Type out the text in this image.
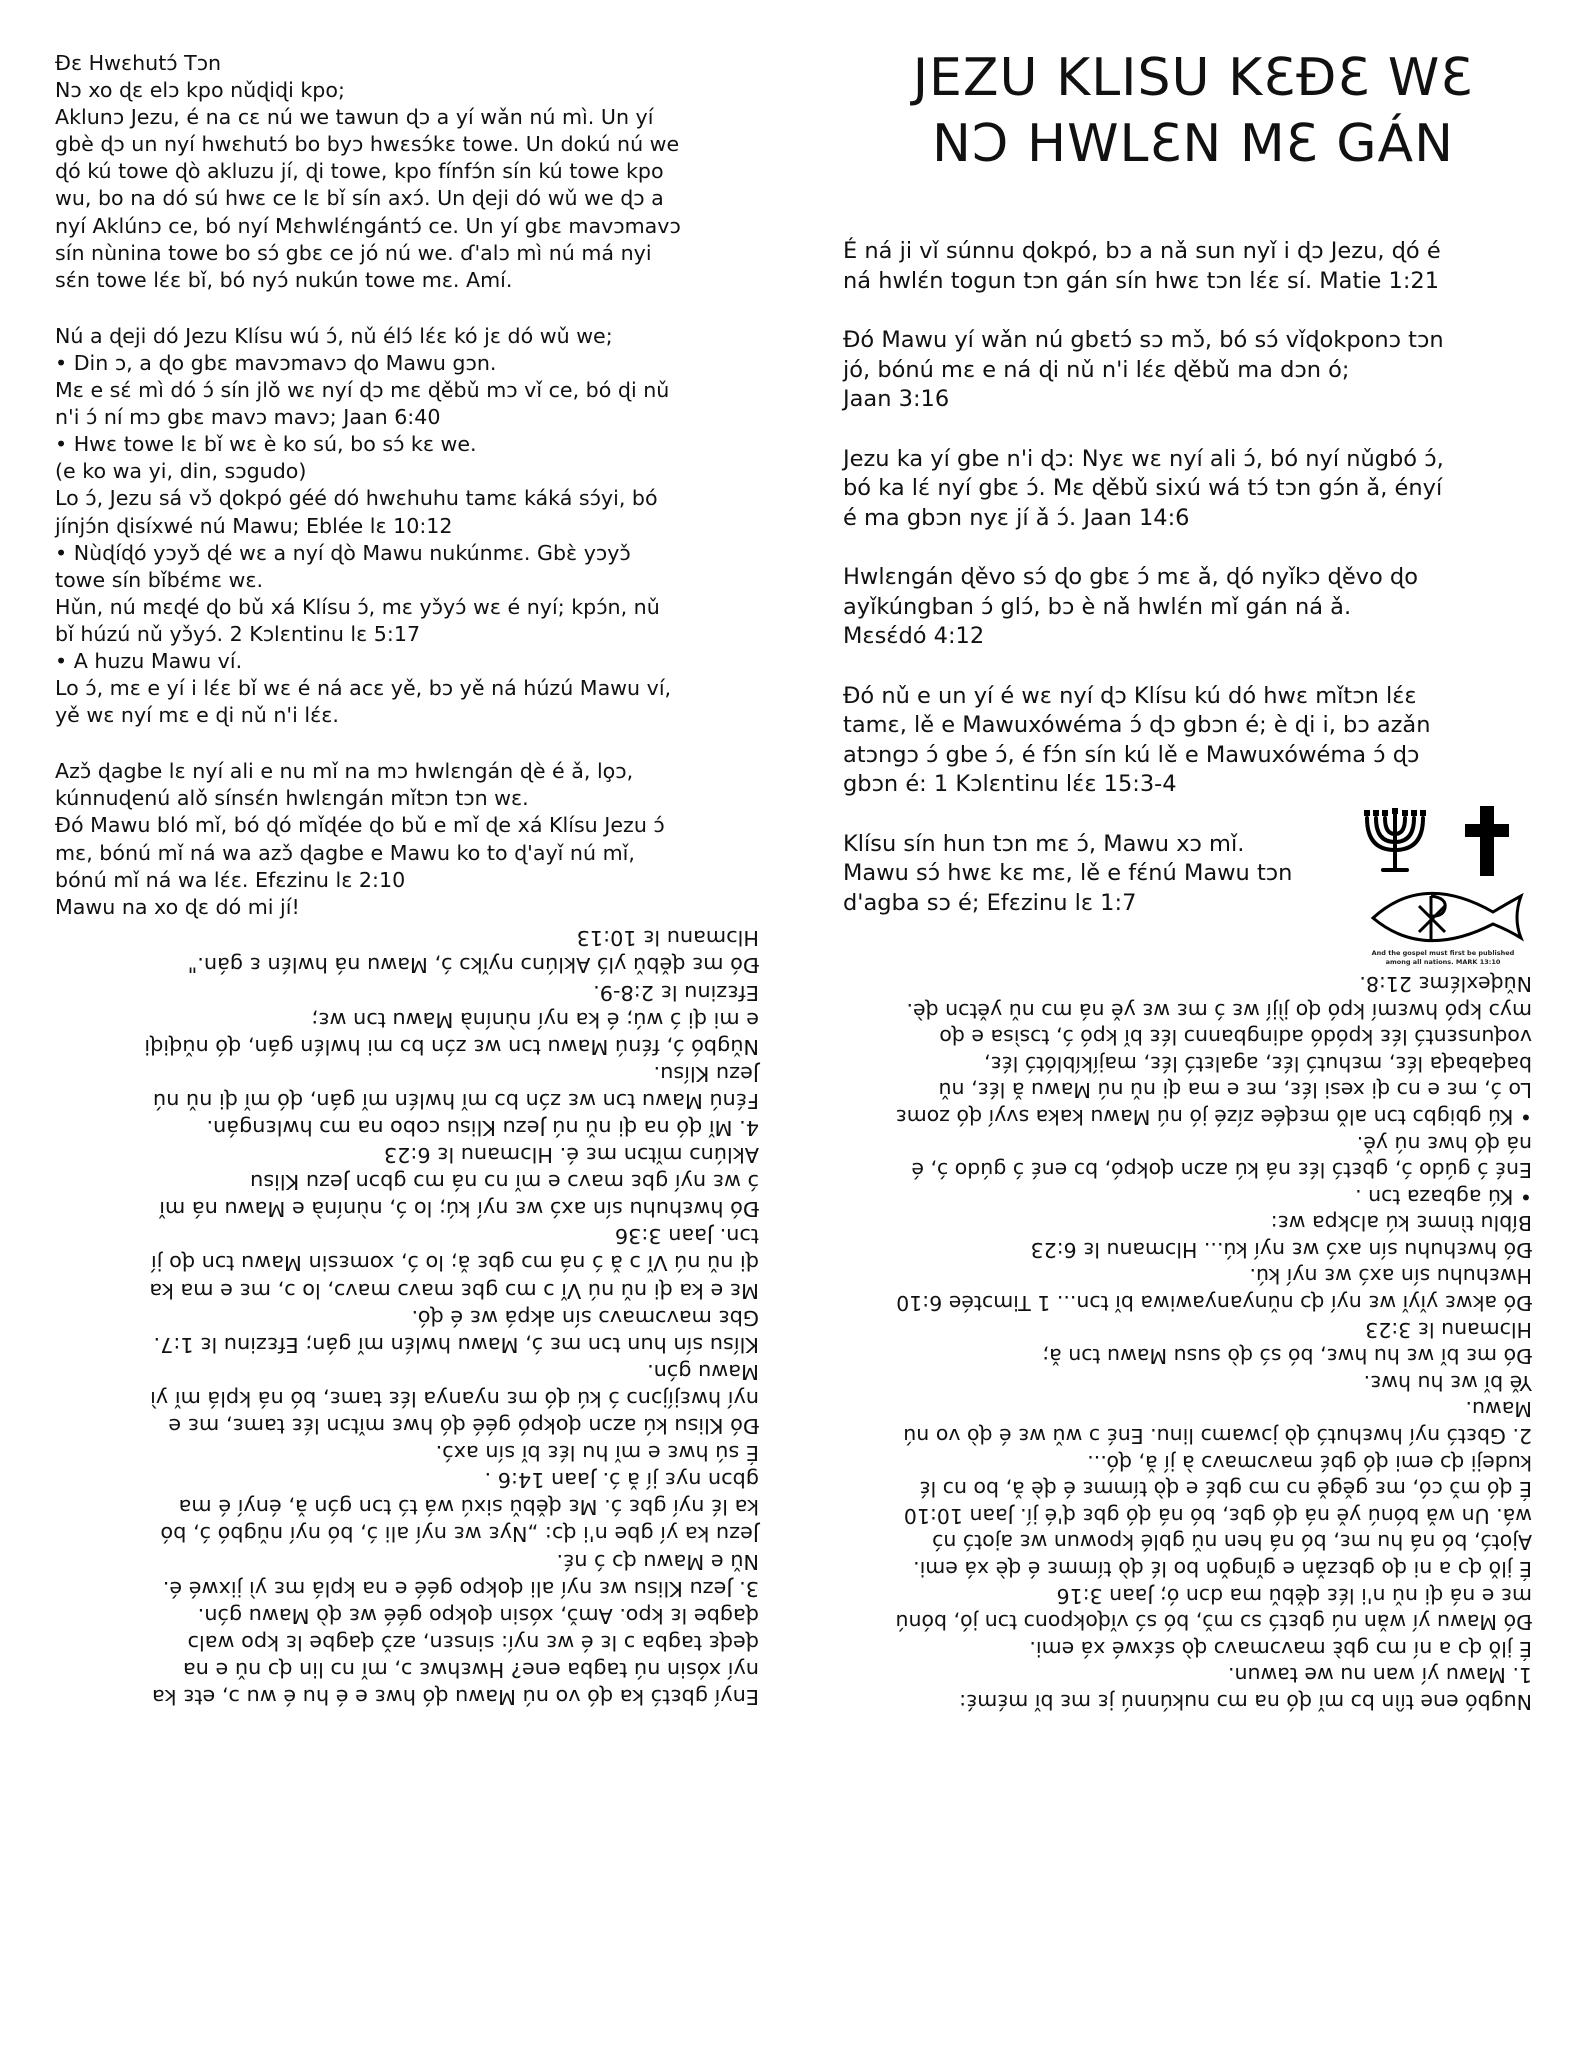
Ɖɛ Hwɛhutɔ́ Tɔn
Nɔ xo ɖɛ elɔ kpo nǔɖiɖi kpo;
Aklunɔ Jezu, é na cɛ nú we tawun ɖɔ a yí wǎn nú mì. Un yí
gbè ɖɔ un nyí hwɛhutɔ́ bo byɔ hwɛsɔ́kɛ towe. Un dokú nú we
ɖó kú towe ɖò akluzu jí, ɖi towe, kpo fínfɔ́n sín kú towe kpo
wu, bo na dó sú hwɛ ce lɛ bǐ sín axɔ́. Un ɖeji dó wǔ we ɖɔ a
nyí Aklúnɔ ce, bó nyí Mɛhwlɛ́ngántɔ́ ce. Un yí gbɛ mavɔmavɔ
sín nùnina towe bo sɔ́ gbɛ ce jó nú we. ɗ'alɔ mì nú má nyi
sɛ́n towe lɛ́ɛ bǐ, bó nyɔ́ nukún towe mɛ. Amí.
Nú a ɖeji dó Jezu Klísu wú ɔ́, nǔ élɔ́ lɛ́ɛ kó jɛ dó wǔ we;
• Din ɔ, a ɖo gbɛ mavɔmavɔ ɖo Mawu gɔn.
Mɛ e sɛ́ mì dó ɔ́ sín jlǒ wɛ nyí ɖɔ mɛ ɖěbǔ mɔ vǐ ce, bó ɖi nǔ
n'i ɔ́ ní mɔ gbɛ mavɔ mavɔ; Jaan 6:40
• Hwɛ towe lɛ bǐ wɛ è ko sú, bo sɔ́ kɛ we.
(e ko wa yi, din, sɔgudo)
Lo ɔ́, Jezu sá vɔ̌ ɖokpó géé dó hwɛhuhu tamɛ káká sɔ́yi, bó
jínjɔ́n ɖisíxwé nú Mawu; Eblée lɛ 10:12
• Nùɖíɖó yɔyɔ̌ ɖé wɛ a nyí ɖò Mawu nukúnmɛ. Gbɛ̀ yɔyɔ̌
towe sín bǐbɛ́mɛ wɛ.
Hǔn, nú mɛɖé ɖo bǔ xá Klísu ɔ́, mɛ yɔ̌yɔ́ wɛ é nyí; kpɔ́n, nǔ
bǐ húzú nǔ yɔ̌yɔ́. 2 Kɔlɛntinu lɛ 5:17
• A huzu Mawu ví.
Lo ɔ́, mɛ e yí i lɛ́ɛ bǐ wɛ é ná acɛ yě, bɔ yě ná húzú Mawu ví,
yě wɛ nyí mɛ e ɖi nǔ n'i lɛ́ɛ.
Azɔ̌ ɖagbe lɛ nyí ali e nu mǐ na mɔ hwlɛngán ɖè é ǎ, lo̧ɔ,
kúnnuɖenú alǒ sínsɛ́n hwlɛngán mǐtɔn tɔn wɛ.
Ðó Mawu bló mǐ, bó ɖó mǐɖée ɖo bǔ e mǐ ɖe xá Klísu Jezu ɔ́
mɛ, bónú mǐ ná wa azɔ̌ ɖagbe e Mawu ko to ɖ'ayǐ nú mǐ,
bónú mǐ ná wa lɛ́ɛ. Efɛzinu lɛ 2:10
Mawu na xo ɖɛ dó mi jí!
JEZU KLISU KƐĐƐ WƐ
NƆ HWLƐN MƐ GÁN
É ná ji vǐ súnnu ɖokpó, bɔ a nǎ sun nyǐ i ɖɔ Jezu, ɖó é
ná hwlɛ́n togun tɔn gán sín hwɛ tɔn lɛ́ɛ sí. Matie 1:21
Ðó Mawu yí wǎn nú gbɛtɔ́ sɔ mɔ̌, bó sɔ́ vǐɖokponɔ tɔn
jó, bónú mɛ e ná ɖi nǔ n'i lɛ́ɛ ɖěbǔ ma dɔn ó;
Jaan 3:16
Jezu ka yí gbe n'i ɖɔ: Nyɛ wɛ nyí ali ɔ́, bó nyí nǔgbó ɔ́,
bó ka lɛ́ nyí gbɛ ɔ́. Mɛ ɖěbǔ sixú wá tɔ́ tɔn gɔ́n ǎ, ényí
é ma gbɔn nyɛ jí ǎ ɔ́. Jaan 14:6
Hwlɛngán ɖěvo sɔ́ ɖo gbɛ ɔ́ mɛ ǎ, ɖó nyǐkɔ ɖěvo ɖo
ayǐkúngban ɔ́ glɔ́, bɔ è nǎ hwlɛ́n mǐ gán ná ǎ.
Mɛsɛ́dó 4:12
Ðó nǔ e un yí é wɛ nyí ɖɔ Klísu kú dó hwɛ mǐtɔn lɛ́ɛ
tamɛ, lě e Mawuxówéma ɔ́ ɖɔ gbɔn é; è ɖi i, bɔ azǎn
atɔngɔ ɔ́ gbe ɔ́, é fɔ́n sín kú lě e Mawuxówéma ɔ́ ɖɔ
gbɔn é: 1 Kɔlɛntinu lɛ́ɛ 15:3-4
Klísu sín hun tɔn mɛ ɔ́, Mawu xɔ mǐ.
Mawu sɔ́ hwɛ kɛ mɛ, lě e fɛ́nú Mawu tɔn
d'agba sɔ é; Efɛzinu lɛ 1:7
And the gospel must first be published
among all nations. MARK 13:10
Nugbó ene tíìn bɔ mǐ ɖó na mɔ nukúnnú jɛ mɛ bǐ mɛ́mɛ́:
1. Mawu yí wan nu we tawun.
É jlǒ ɖɔ a ní mɔ gbɛ̀ mavɔmavɔ ɖò sɛ́xwé xá emi.
Ðó Mawu yí wǎn nú gbɛtɔ́ sɔ mɔ̌, bó sɔ́ vǐɖokponɔ tɔn jó, bónú
mɛ e ná ɖi nǔ n'i lɛ́ɛ ɖěbǔ ma dɔn ó; Jaan 3:16
É jlǒ ɖɔ a ni ɖo gbɛzǎn e gǐngǒn bo lɛ́ ɖò tímmɛ é ɖè xá emi.
Ajotɔ́, bó ná hu mɛ, bó ná hen nǔ gblé kpowun wɛ ajotɔ́ nɔ́
wá. Un wǎ bónú yě ná ɖó gbɛ, bó ná ɖó gbɛ ɖ'é jí. Jaan 10:10
É ɖó mɔ̌ có, mɛ gěgě nɔ mɔ gbɛ́ e ɖò tímmɛ é ɖè ǎ, bo nɔ lɛ́
kudeji ɖɔ emi ɖó gbɛ́ mavɔmavɔ à jí ǎ, ɖó...
2. Gbɛtɔ́ nyí hwɛhutɔ́ ɖò jɔwamɔ linu. Enɛ́ ɔ wǔ wɛ é ɖò vo nú
Mawu.
Yě bǐ wɛ hu hwɛ.
Ðó mɛ bǐ wɛ hu hwɛ, bó sɔ́ ɖò susu Mawu tɔn ǎ;
Hlɔmanu lɛ 3:23
Ðó akwɛ yǐyǐ wɛ nyí ɖɔ nǔnyanyawiwa bǐ tɔn... 1 Timɔtée 6:10
Hwɛhuhu sín axɔ́ wɛ nyí kú.
Ðó hwɛhuhu sín axɔ́ wɛ nyí kú... Hlɔmanu lɛ 6:23
Bíblu tìnmɛ kú alɔkpa wɛ:
• Kú agbaza tɔn .
Enɛ́ ɔ́ gúdo ɔ́, gbɛtɔ́ lɛ́ɛ ná kú azɔn ɖokpó, bɔ enɛ́ ɔ́ gúdo ɔ́, é
ná ɖó hwɛ nú yě.
• Kú gbigbɔ tɔn alǒ mɛɖée zízé jó nú Mawu kaka svyí ɖó zomɛ
Lo ɔ́, mɛ e nɔ ɖi xesi lɛ́ɛ, mɛ e ma ɖi nǔ nú Mawu ǎ lɛ́ɛ, nǔ
baɖabaɖa lɛ́ɛ, mɛhutɔ́ lɛ́ɛ, agalɛtɔ́ lɛ́ɛ, majíkíblótɔ́ lɛ́ɛ,
voɖunsɛntɔ́ lɛ́ɛ kpódó adingbannɔ lɛ́ɛ bǐ kpó ɔ́, tɔsìsa e ɖo
myɔ kpó hwɛmí kpó ɖo jìjí wɛ ɔ́ mɛ wɛ yě ná mɔ nǔ yětɔn ɖè.
Nǔɖexlɛ́mɛ 21:8.
Enyí gbɛtɔ́ ka ɖó vo nú Mawu ɖó hwɛ e é hu é wu ɔ, etɛ ka
nyí xósin nú tagba ene? Hwɛhwɛ ɔ, mǐ nɔ lin ɖɔ nǔ e na
ɖeɖɛ tagba ɔ lɛ é wɛ nyí: sinsɛn, azɔ̌ ɖagbe lɛ kpo walɔ
ɖagbe lɛ kpo. Amɔ̌, xósin ɖokpo géé wɛ ɖò Mawu gɔ́n.
3. Jezu Klisu wɛ nyí ali ɖokpo géé e na kplá mɛ yì jixwé é.
Nǔ e Mawu ɖɔ ɔ́ nɛ́.
Jezu ka yí gbe n'i ɖɔ: „Nyɛ wɛ nyí ali ɔ́, bó nyí nǔgbó ɔ́, bó
ka lɛ́ nyí gbɛ ɔ́. Mɛ ɖěbǔ sixú wá tɔ́ tɔn gɔ́n ǎ, ényí é ma
gbɔn nyɛ jí ǎ ɔ́. Jaan 14:6 .
É sú hwɛ e mǐ hu lɛ́ɛ bǐ sín axɔ́.
Ðó Klisu kú azɔn ɖokpó géé ɖó hwɛ mǐtɔn lɛ́ɛ tamɛ, mɛ e
nyí hwɛjíjɔnɔ ɔ́ kú ɖó mɛ nyanya lɛ́ɛ tamɛ, bó ná kplá mǐ yì
Mawu gɔ́n.
Klísu sín hun tɔn mɛ ɔ́, Mawu hwlɛ́n mǐ gán; Efɛzinu lɛ 1:7.
Gbɛ mavɔmavɔ sín akpá wɛ é ɖó.
Mɛ e ka ɖi nǔ nú Vǐ ɔ mɔ gbɛ mavɔ mavɔ, lo ɔ, mɛ e ma ka
ɖi nǔ nú Vǐ ɔ ǎ ɔ́ ná mɔ gbɛ ǎ; lo ɔ́, xomɛsin Mawu tɔn ɖo jí
tɔn. Jaan 3:36
Ðó hwɛhuhu sín axɔ́ wɛ nyí kú; lo ɔ́, nùnínà e Mawu ná mǐ
ɔ́ wɛ nyí gbɛ mavɔ e mǐ nɔ ná mɔ gbɔn Jezu Klisu
Aklúnɔ mǐtɔn mɛ é. Hlɔmanu lɛ 6:23
4. Mǐ ɖó na ɖi nǔ nú Jezu Klisu cobo na mɔ hwlɛngán.
Fɛ́nú Mawu tɔn wɛ zɔ́n bɔ mǐ hwlɛ́n mǐ gán, ɖó mǐ ɖi nǔ nú
Jezu Klísu.
Nǔgbó ɔ́, fɛ́nú Mawu tɔn wɛ zɔ́n bɔ mi hwlɛ́n gán, ɖó nǔɖiɖi
e mi ɖi ɔ́ wú; é ka nyí nùnínà Mawu tɔn wɛ;
Efɛzinu lɛ 2:8-9.
Ðó mɛ ɖěbǔ ylɔ́ Aklúnɔ nyǐkɔ ɔ́, Mawu ná hwlɛ́n ɛ gán."
Hlɔmanu lɛ 10:13
